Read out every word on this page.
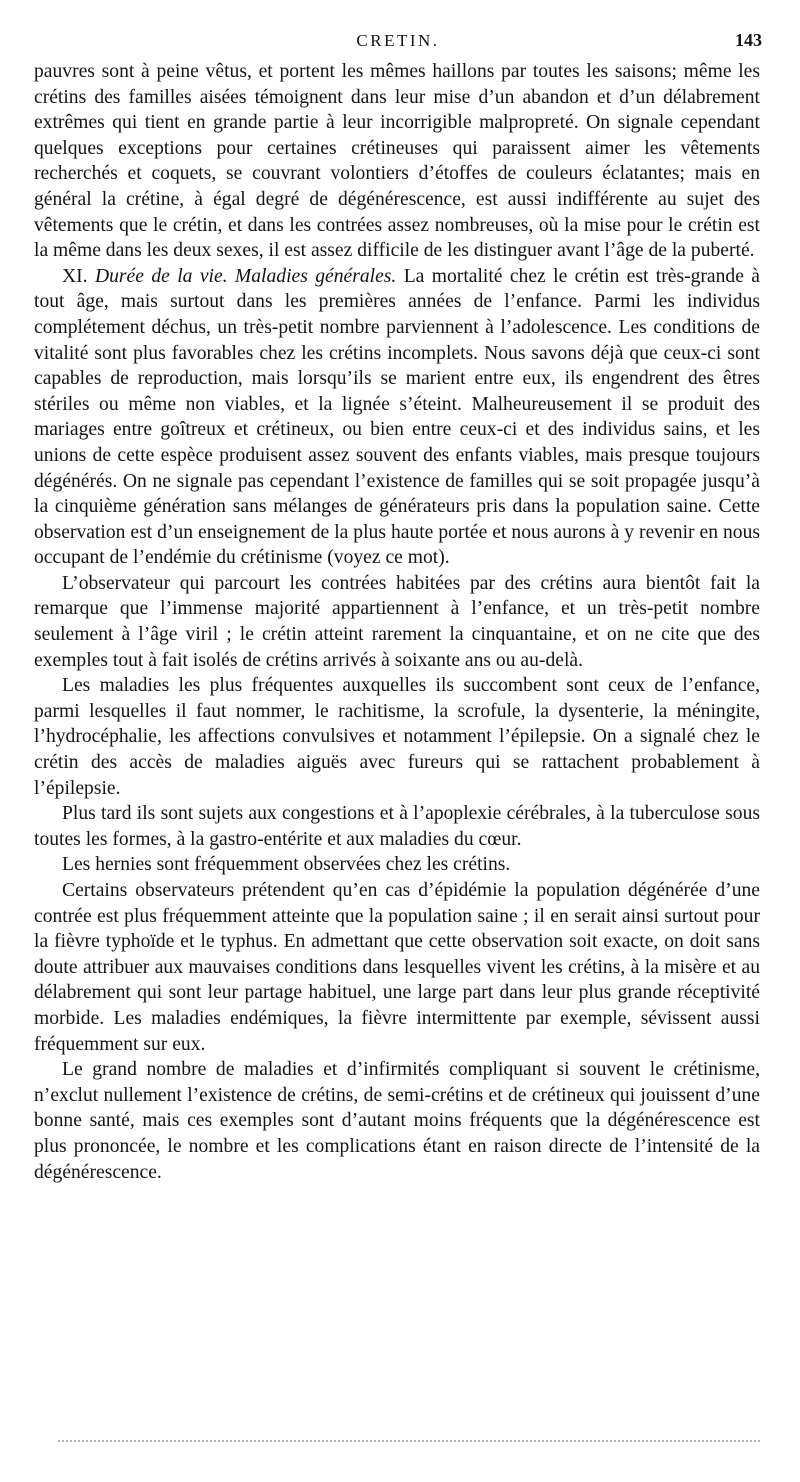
CRETIN.	143

pauvres sont à peine vêtus, et portent les mêmes haillons par toutes les saisons; même les crétins des familles aisées témoignent dans leur mise d’un abandon et d’un délabrement extrêmes qui tient en grande partie à leur incorrigible malpropreté. On signale cependant quelques exceptions pour certaines crétineuses qui paraissent aimer les vêtements recherchés et coquets, se couvrant volontiers d’étoffes de couleurs éclatantes; mais en général la crétine, à égal degré de dégénérescence, est aussi indifférente au sujet des vêtements que le crétin, et dans les contrées assez nombreuses, où la mise pour le crétin est la même dans les deux sexes, il est assez difficile de les distinguer avant l’âge de la puberté.

XI. Durée de la vie. Maladies générales. La mortalité chez le crétin est très-grande à tout âge, mais surtout dans les premières années de l’enfance. Parmi les individus complétement déchus, un très-petit nombre parviennent à l’adolescence. Les conditions de vitalité sont plus favorables chez les crétins incomplets. Nous savons déjà que ceux-ci sont capables de reproduction, mais lorsqu’ils se marient entre eux, ils engendrent des êtres stériles ou même non viables, et la lignée s’éteint. Malheureusement il se produit des mariages entre goîtreux et crétineux, ou bien entre ceux-ci et des individus sains, et les unions de cette espèce produisent assez souvent des enfants viables, mais presque toujours dégénérés. On ne signale pas cependant l’existence de familles qui se soit propagée jusqu’à la cinquième génération sans mélanges de générateurs pris dans la population saine. Cette observation est d’un enseignement de la plus haute portée et nous aurons à y revenir en nous occupant de l’endémie du crétinisme (voyez ce mot).

L’observateur qui parcourt les contrées habitées par des crétins aura bientôt fait la remarque que l’immense majorité appartiennent à l’enfance, et un très-petit nombre seulement à l’âge viril ; le crétin atteint rarement la cinquantaine, et on ne cite que des exemples tout à fait isolés de crétins arrivés à soixante ans ou au-delà.

Les maladies les plus fréquentes auxquelles ils succombent sont ceux de l’enfance, parmi lesquelles il faut nommer, le rachitisme, la scrofule, la dysenterie, la méningite, l’hydrocéphalie, les affections convulsives et notamment l’épilepsie. On a signalé chez le crétin des accès de maladies aiguës avec fureurs qui se rattachent probablement à l’épilepsie.

Plus tard ils sont sujets aux congestions et à l’apoplexie cérébrales, à la tuberculose sous toutes les formes, à la gastro-entérite et aux maladies du cœur.

Les hernies sont fréquemment observées chez les crétins.

Certains observateurs prétendent qu’en cas d’épidémie la population dégénérée d’une contrée est plus fréquemment atteinte que la population saine ; il en serait ainsi surtout pour la fièvre typhoïde et le typhus. En admettant que cette observation soit exacte, on doit sans doute attribuer aux mauvaises conditions dans lesquelles vivent les crétins, à la misère et au délabrement qui sont leur partage habituel, une large part dans leur plus grande réceptivité morbide. Les maladies endémiques, la fièvre intermittente par exemple, sévissent aussi fréquemment sur eux.

Le grand nombre de maladies et d’infirmités compliquant si souvent le crétinisme, n’exclut nullement l’existence de crétins, de semi-crétins et de crétineux qui jouissent d’une bonne santé, mais ces exemples sont d’autant moins fréquents que la dégénérescence est plus prononcée, le nombre et les complications étant en raison directe de l’intensité de la dégénérescence.
